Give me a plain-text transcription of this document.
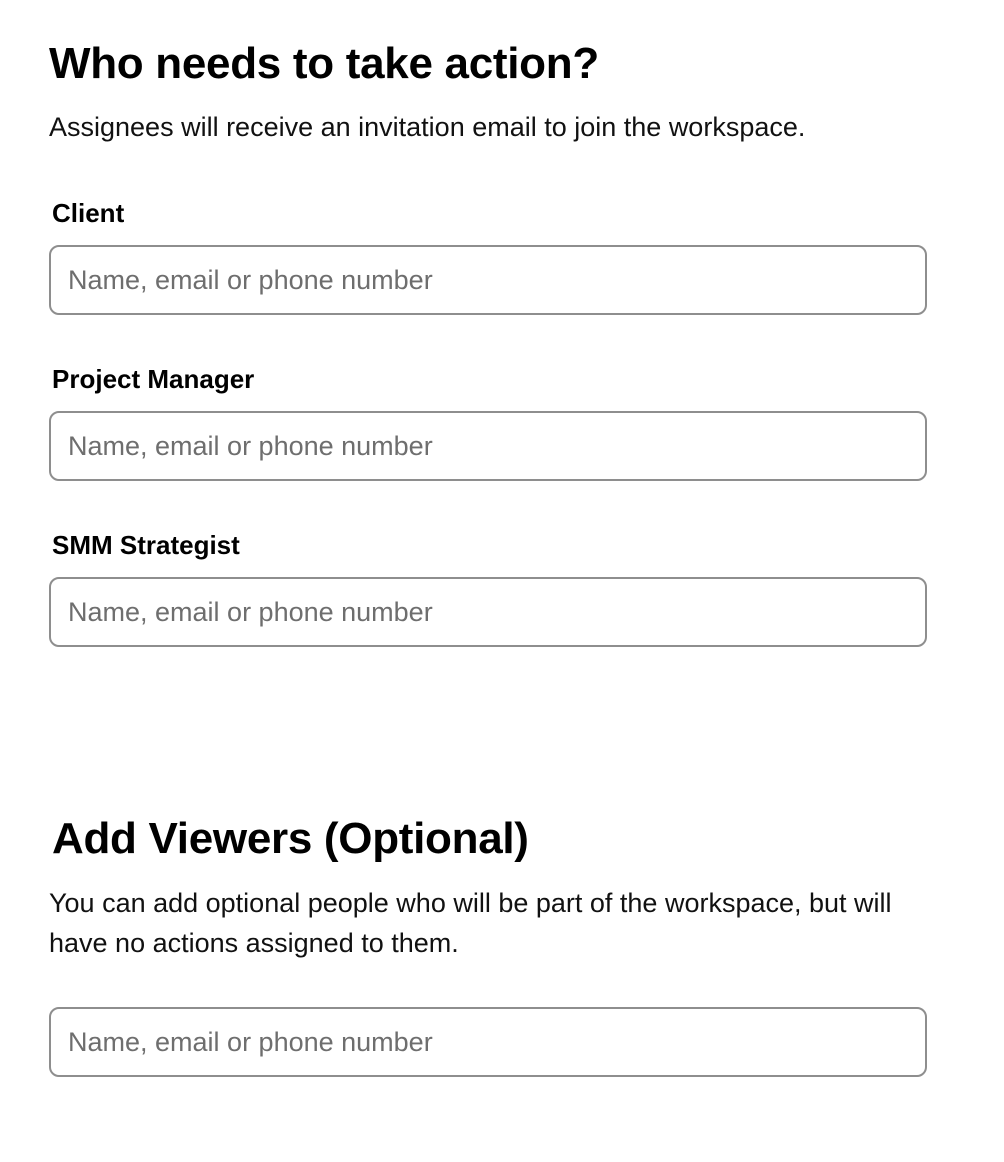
Who needs to take action?

Assignees will receive an invitation email to join the workspace.

Client
Name, email or phone number
Project Manager
Name, email or phone number
SMM Strategist
Name, email or phone number
Add Viewers (Optional)

You can add optional people who will be part of the workspace, but will have no actions assigned to them.

Name, email or phone number
